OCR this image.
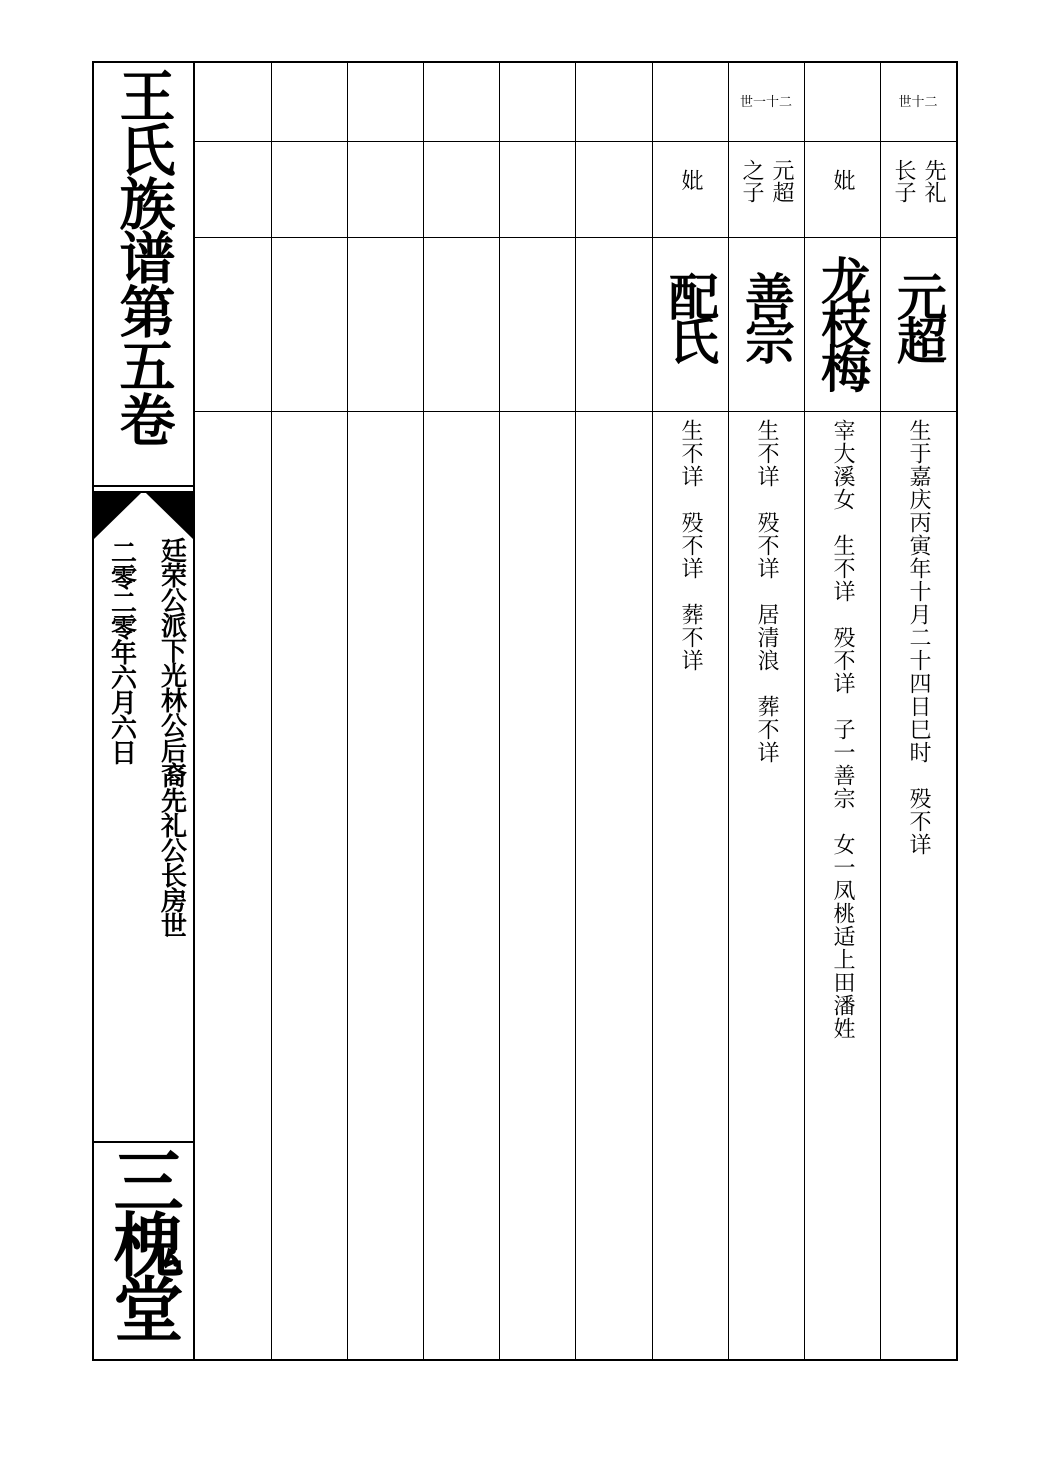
王氏族谱第五卷
廷荣公派下光林公后裔先礼公长房世
二零二零年六月六日
三槐堂
世十二
先礼
长子
元超
生于嘉庆丙寅年十月二十四日巳时　殁不详
妣
龙枝梅
宰大溪女　生不详　殁不详　子一善宗　女一凤桃适上田潘姓
世一十二
元超
之子
善宗
生不详　殁不详　居清浪　葬不详
妣
配氏
生不详　殁不详　葬不详
